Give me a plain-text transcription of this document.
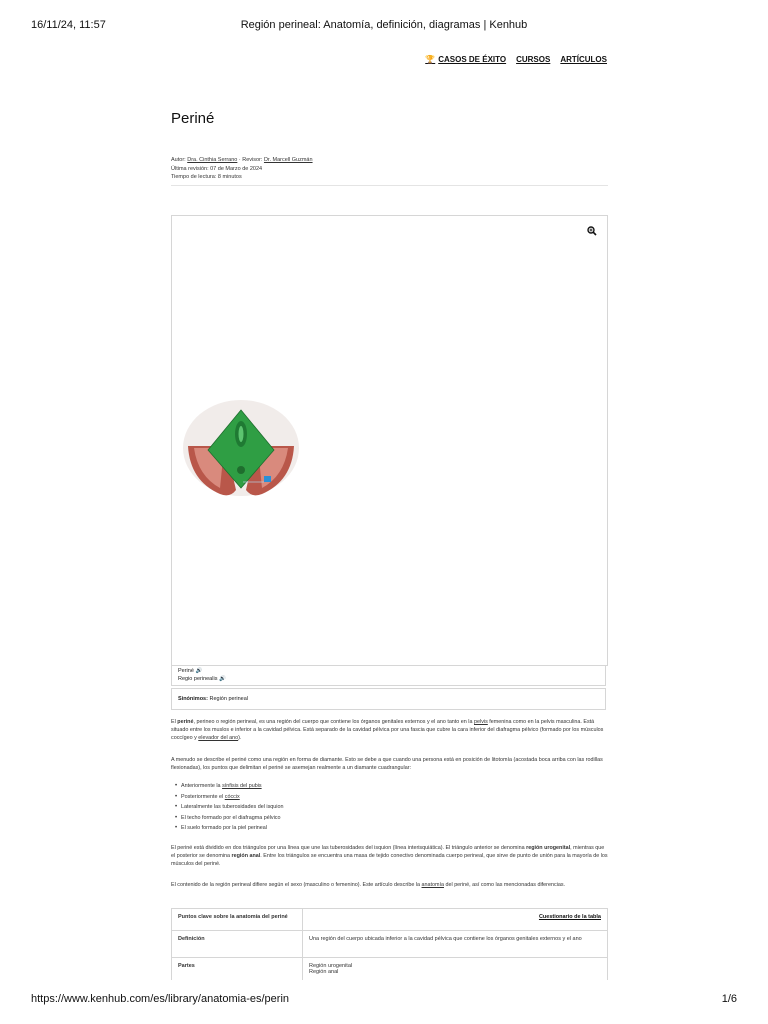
16/11/24, 11:57	Región perineal: Anatomía, definición, diagramas | Kenhub
🏆 CASOS DE ÉXITO CURSOS ARTÍCULOS
Periné
Autor: Dra. Cinthia Serrano · Revisor: Dr. Marcell Guzmán
Última revisión: 07 de Marzo de 2024
Tiempo de lectura: 8 minutos
Periné 🔊
Regio perinealis 🔊
Sinónimos: Región perineal

El periné, perineo o región perineal, es una región del cuerpo que contiene los órganos genitales externos y el ano tanto en la pelvis femenina como en la pelvis masculina. Está situado entre los muslos e inferior a la cavidad pélvica. Está separado de la cavidad pélvica por una fascia que cubre la cara inferior del diafragma pélvico (formado por los músculos coccígeo y elevador del ano).

A menudo se describe el periné como una región en forma de diamante. Esto se debe a que cuando una persona está en posición de litotomía (acostada boca arriba con las rodillas flexionadas), los puntos que delimitan el periné se asemejan realmente a un diamante cuadrangular:

• Anteriormente la sínfisis del pubis
• Posteriormente el cóccix
• Lateralmente las tuberosidades del isquion
• El techo formado por el diafragma pélvico
• El suelo formado por la piel perineal

El periné está dividido en dos triángulos por una línea que une las tuberosidades del isquion (línea interisquiática). El triángulo anterior se denomina región urogenital, mientras que el posterior se denomina región anal. Entre los triángulos se encuentra una masa de tejido conectivo denominada cuerpo perineal, que sirve de punto de unión para la mayoría de los músculos del periné.

El contenido de la región perineal difiere según el sexo (masculino o femenino). Este artículo describe la anatomía del periné, así como las mencionadas diferencias.

Puntos clave sobre la anatomía del periné	Cuestionario de la tabla
Definición	Una región del cuerpo ubicada inferior a la cavidad pélvica que contiene los órganos genitales externos y el ano
Partes	Región urogenital
Región anal
https://www.kenhub.com/es/library/anatomia-es/perin	1/6
